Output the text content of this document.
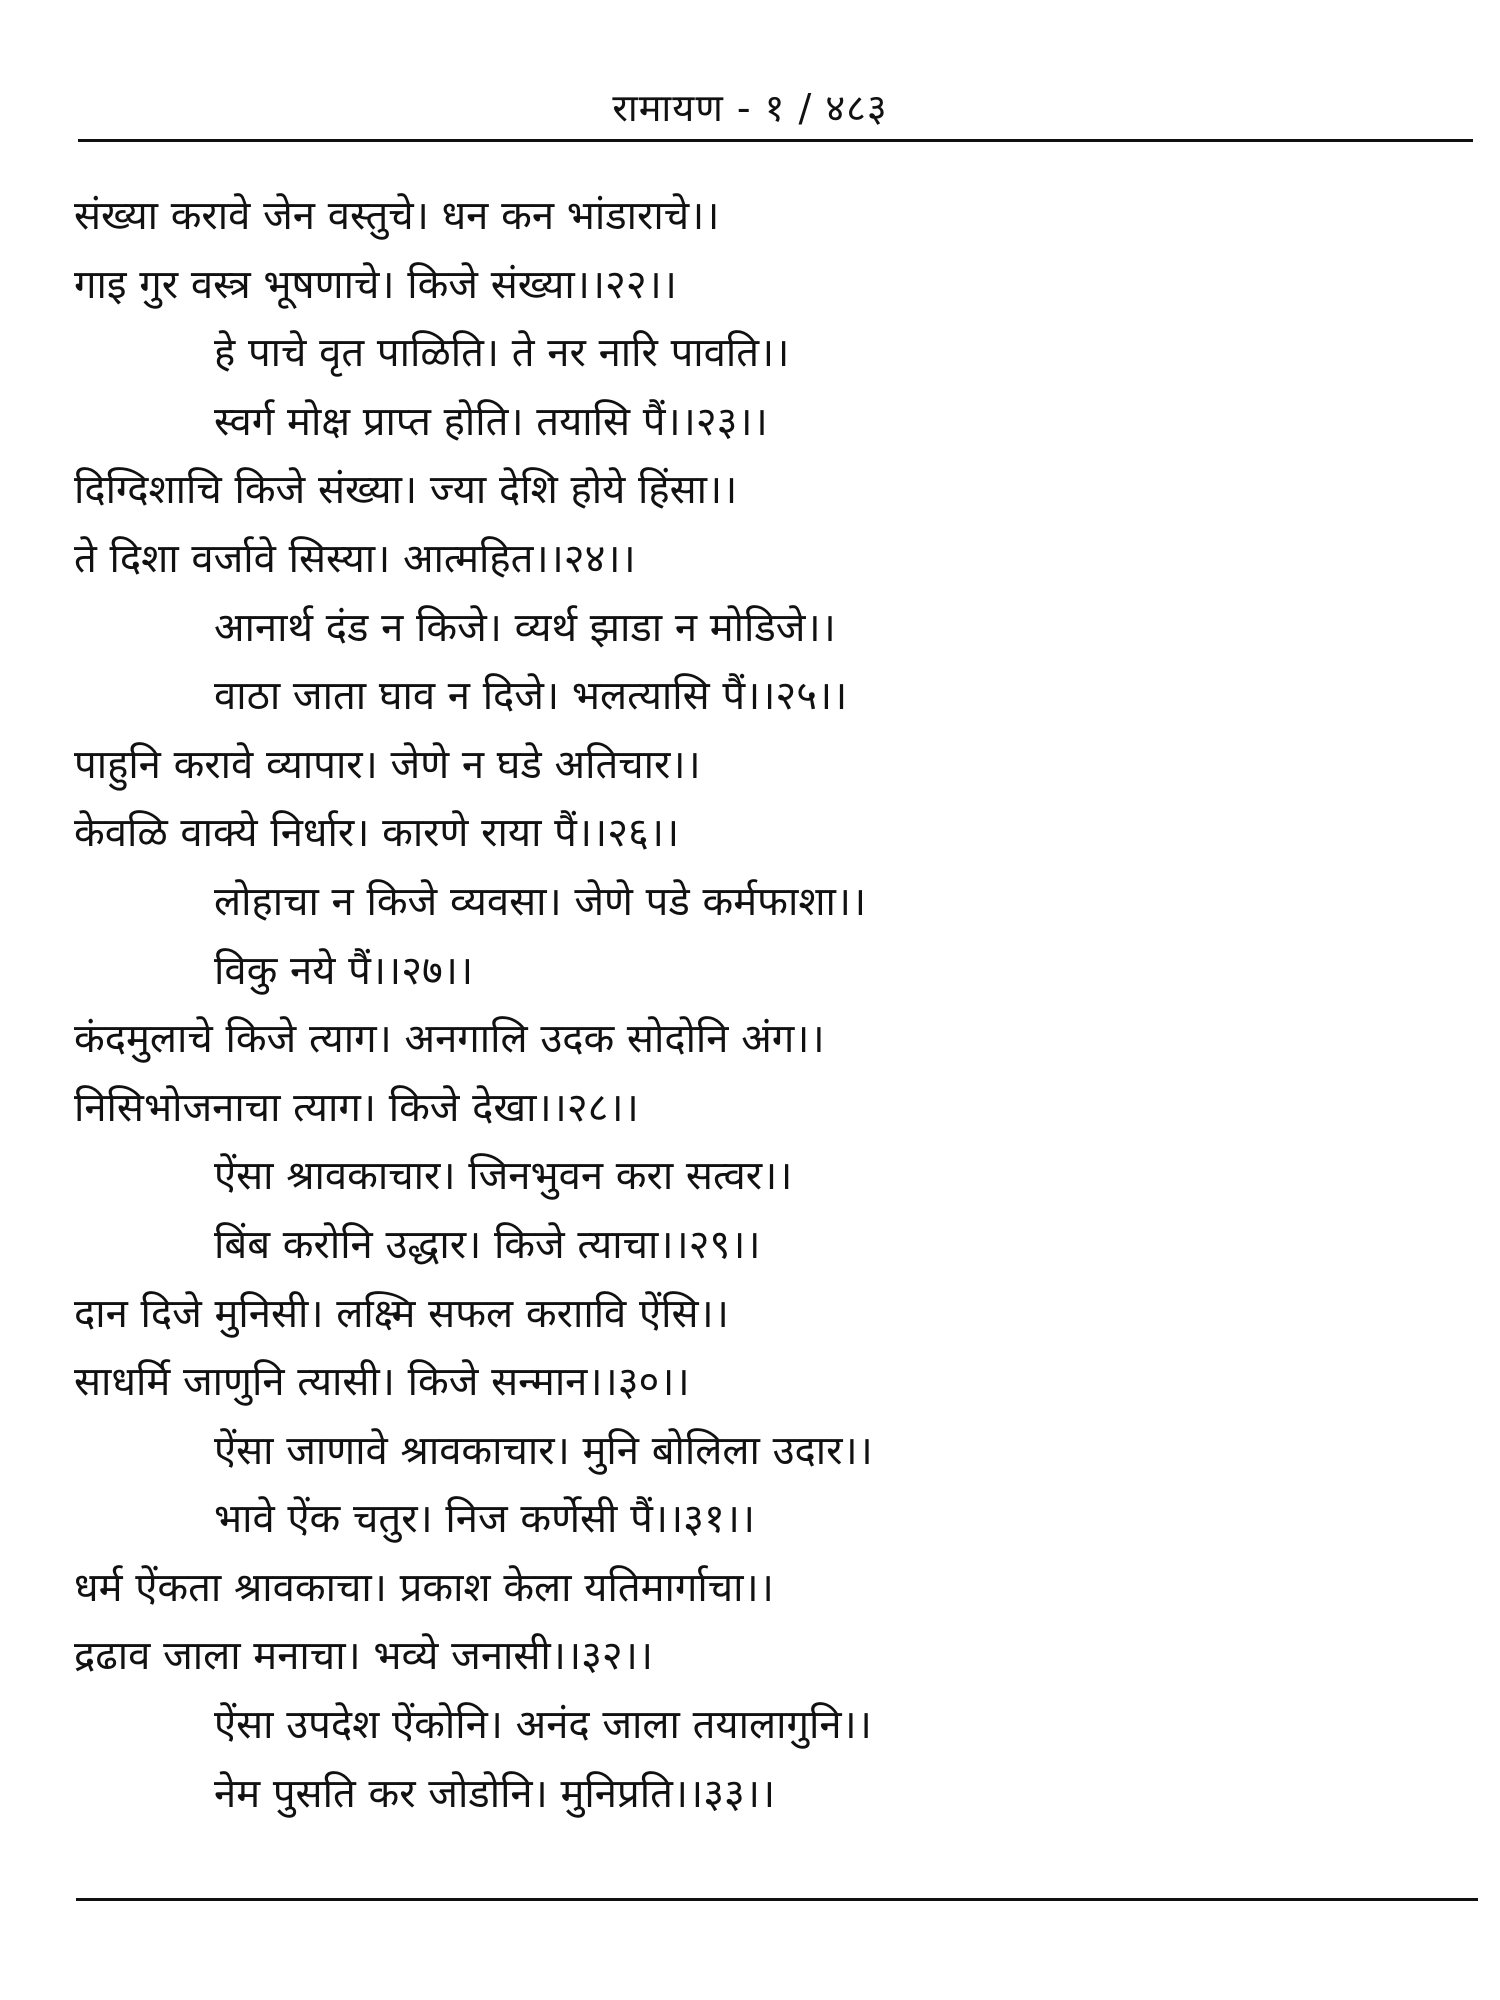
रामायण - १ / ४८३
संख्या करावे जेन वस्तुचे। धन कन भांडाराचे।।
गाइ गुर वस्त्र भूषणाचे। किजे संख्या।।२२।।
हे पाचे वृत पाळिति। ते नर नारि पावति।।
स्वर्ग मोक्ष प्राप्त होति। तयासि पैं।।२३।।
दिग्दिशाचि किजे संख्या। ज्या देशि होये हिंसा।।
ते दिशा वर्जावे सिस्या। आत्महित।।२४।।
आनार्थ दंड न किजे। व्यर्थ झाडा न मोडिजे।।
वाठा जाता घाव न दिजे। भलत्यासि पैं।।२५।।
पाहुनि करावे व्यापार। जेणे न घडे अतिचार।।
केवळि वाक्ये निर्धार। कारणे राया पैं।।२६।।
लोहाचा न किजे व्यवसा। जेणे पडे कर्मफाशा।।
विकु नये पैं।।२७।।
कंदमुलाचे किजे त्याग। अनगालि उदक सोदोनि अंग।।
निसिभोजनाचा त्याग। किजे देखा।।२८।।
ऐंसा श्रावकाचार। जिनभुवन करा सत्वर।।
बिंब करोनि उद्धार। किजे त्याचा।।२९।।
दान दिजे मुनिसी। लक्ष्मि सफल कराावि ऐंसि।।
साधर्मि जाणुनि त्यासी। किजे सन्मान।।३०।।
ऐंसा जाणावे श्रावकाचार। मुनि बोलिला उदार।।
भावे ऐंक चतुर। निज कर्णेसी पैं।।३१।।
धर्म ऐंकता श्रावकाचा। प्रकाश केला यतिमार्गाचा।।
द्रढाव जाला मनाचा। भव्ये जनासी।।३२।।
ऐंसा उपदेश ऐंकोनि। अनंद जाला तयालागुनि।।
नेम पुसति कर जोडोनि। मुनिप्रति।।३३।।
